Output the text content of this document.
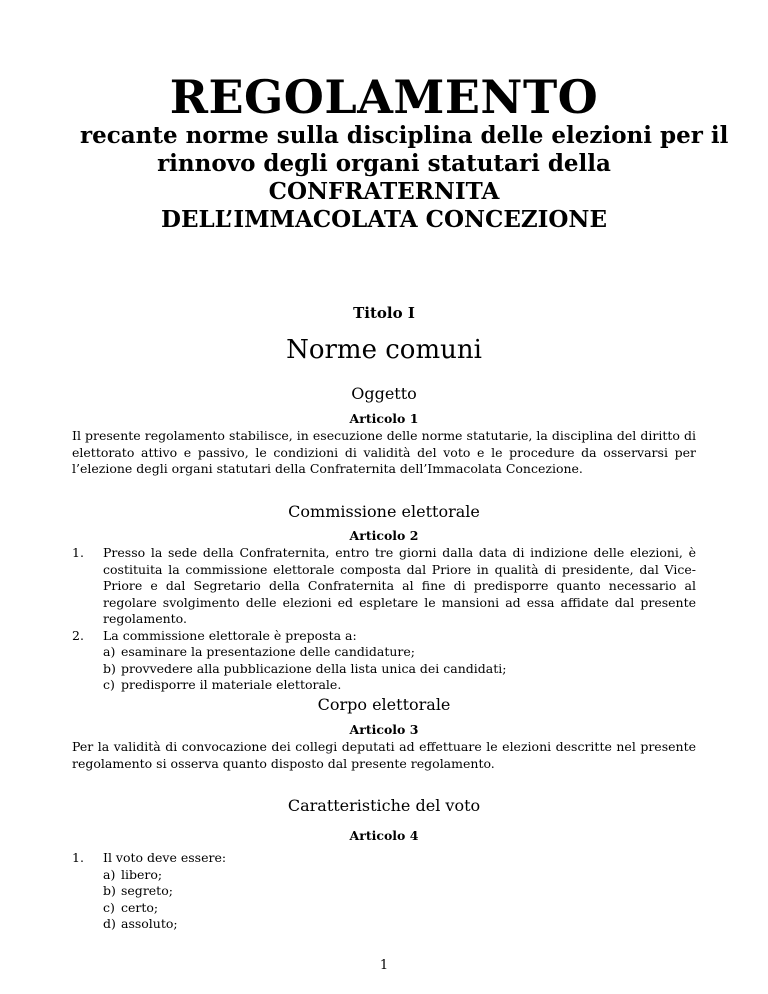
REGOLAMENTO
recante norme sulla disciplina delle elezioni per il
rinnovo degli organi statutari della
CONFRATERNITA
DELL’IMMACOLATA CONCEZIONE

Titolo I

Norme comuni

Oggetto

Articolo 1

Il presente regolamento stabilisce, in esecuzione delle norme statutarie, la disciplina del diritto di elettorato attivo e passivo, le condizioni di validità del voto e le procedure da osservarsi per l’elezione degli organi statutari della Confraternita dell’Immacolata Concezione.

Commissione elettorale

Articolo 2

1. Presso la sede della Confraternita, entro tre giorni dalla data di indizione delle elezioni, è costituita la commissione elettorale composta dal Priore in qualità di presidente, dal Vice-Priore e dal Segretario della Confraternita al fine di predisporre quanto necessario al regolare svolgimento delle elezioni ed espletare le mansioni ad essa affidate dal presente regolamento.
2. La commissione elettorale è preposta a:
a) esaminare la presentazione delle candidature;
b) provvedere alla pubblicazione della lista unica dei candidati;
c) predisporre il materiale elettorale.

Corpo elettorale

Articolo 3

Per la validità di convocazione dei collegi deputati ad effettuare le elezioni descritte nel presente regolamento si osserva quanto disposto dal presente regolamento.

Caratteristiche del voto

Articolo 4

1. Il voto deve essere:
a) libero;
b) segreto;
c) certo;
d) assoluto;

1
